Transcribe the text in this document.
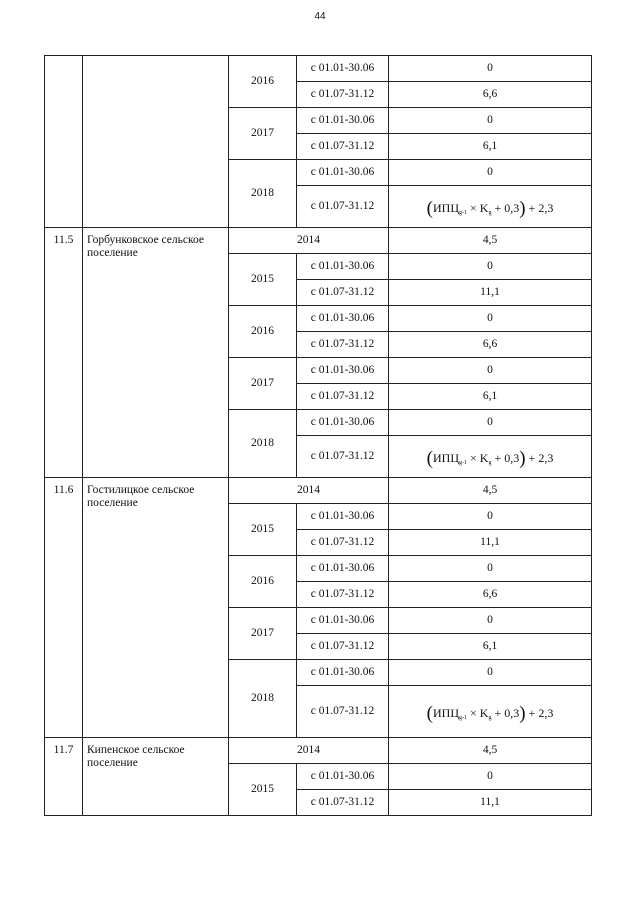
44
		2016	с 01.01-30.06	0
			с 01.07-31.12	6,6
		2017	с 01.01-30.06	0
			с 01.07-31.12	6,1
		2018	с 01.01-30.06	0
			с 01.07-31.12	$(ИПЦ_{g-1} \times K_g + 0,3) + 2,3$
11.5	Горбунковское сельское поселение	2014		4,5
		2015	с 01.01-30.06	0
			с 01.07-31.12	11,1
		2016	с 01.01-30.06	0
			с 01.07-31.12	6,6
		2017	с 01.01-30.06	0
			с 01.07-31.12	6,1
		2018	с 01.01-30.06	0
			с 01.07-31.12	$(ИПЦ_{g-1} \times K_g + 0,3) + 2,3$
11.6	Гостилицкое сельское поселение	2014		4,5
		2015	с 01.01-30.06	0
			с 01.07-31.12	11,1
		2016	с 01.01-30.06	0
			с 01.07-31.12	6,6
		2017	с 01.01-30.06	0
			с 01.07-31.12	6,1
		2018	с 01.01-30.06	0
			с 01.07-31.12	$(ИПЦ_{g-1} \times K_g + 0,3) + 2,3$
11.7	Кипенское сельское поселение	2014		4,5
		2015	с 01.01-30.06	0
			с 01.07-31.12	11,1
